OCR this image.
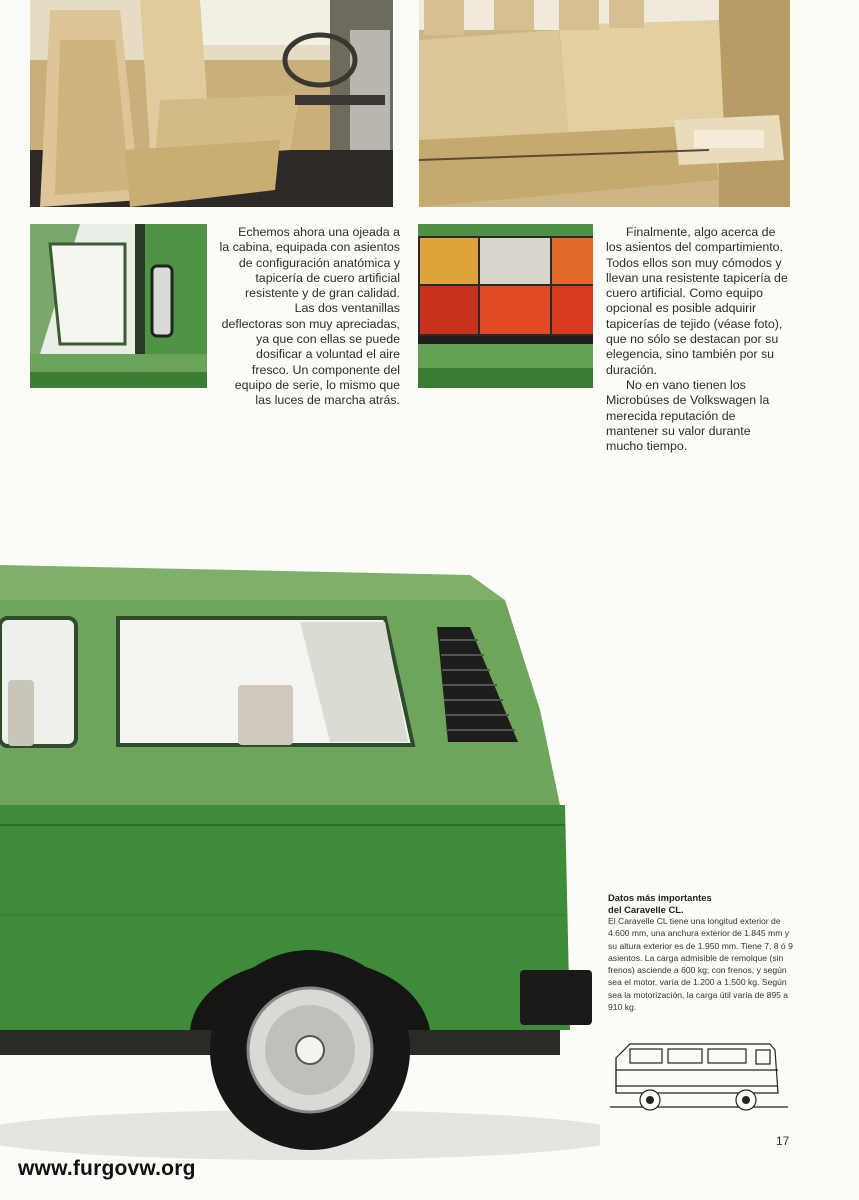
Echemos ahora una ojeada a la cabina, equipada con asientos de configuración anatómica y tapicería de cuero artificial resistente y de gran calidad.

Las dos ventanillas deflectoras son muy apreciadas, ya que con ellas se puede dosificar a voluntad el aire fresco. Un componente del equipo de serie, lo mismo que las luces de marcha atrás.

Finalmente, algo acerca de los asientos del compartimiento. Todos ellos son muy cómodos y llevan una resistente tapicería de cuero artificial. Como equipo opcional es posible adquirir tapicerías de tejido (véase foto), que no sólo se destacan por su elegencia, sino también por su duración.

No en vano tienen los Microbúses de Volkswagen la merecida reputación de mantener su valor durante mucho tiempo.

Datos más importantes
del Caravelle CL.
El Caravelle CL tiene una longitud exterior de 4.600 mm, una anchura exterior de 1.845 mm y su altura exterior es de 1.950 mm. Tiene 7, 8 ó 9 asientos. La carga admisible de remolque (sin frenos) asciende a 600 kg; con frenos, y según sea el motor, varía de 1.200 a 1.500 kg. Según sea la motorización, la carga útil varía de 895 a 910 kg.
17
www.furgovw.org
